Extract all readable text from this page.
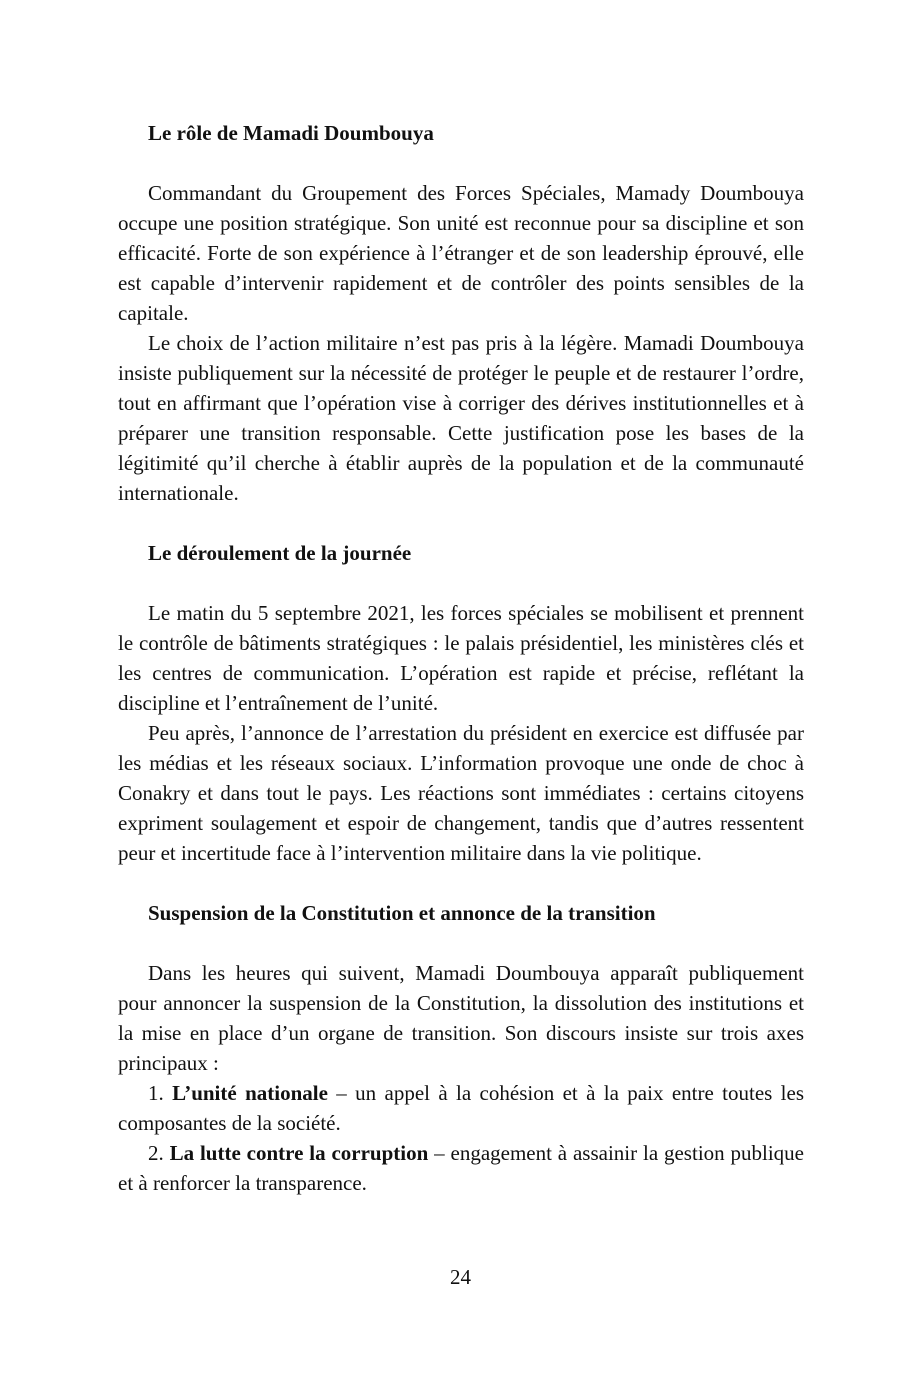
Le rôle de Mamadi Doumbouya

Commandant du Groupement des Forces Spéciales, Mamady Doumbouya occupe une position stratégique. Son unité est reconnue pour sa discipline et son efficacité. Forte de son expérience à l’étranger et de son leadership éprouvé, elle est capable d’intervenir rapidement et de contrôler des points sensibles de la capitale.

Le choix de l’action militaire n’est pas pris à la légère. Mamadi Doumbouya insiste publiquement sur la nécessité de protéger le peuple et de restaurer l’ordre, tout en affirmant que l’opération vise à corriger des dérives institutionnelles et à préparer une transition responsable. Cette justification pose les bases de la légitimité qu’il cherche à établir auprès de la population et de la communauté internationale.

Le déroulement de la journée

Le matin du 5 septembre 2021, les forces spéciales se mobilisent et prennent le contrôle de bâtiments stratégiques : le palais présidentiel, les ministères clés et les centres de communication. L’opération est rapide et précise, reflétant la discipline et l’entraînement de l’unité.

Peu après, l’annonce de l’arrestation du président en exercice est diffusée par les médias et les réseaux sociaux. L’information provoque une onde de choc à Conakry et dans tout le pays. Les réactions sont immédiates : certains citoyens expriment soulagement et espoir de changement, tandis que d’autres ressentent peur et incertitude face à l’intervention militaire dans la vie politique.

Suspension de la Constitution et annonce de la transition

Dans les heures qui suivent, Mamadi Doumbouya apparaît publiquement pour annoncer la suspension de la Constitution, la dissolution des institutions et la mise en place d’un organe de transition. Son discours insiste sur trois axes principaux :

1. L’unité nationale – un appel à la cohésion et à la paix entre toutes les composantes de la société.

2. La lutte contre la corruption – engagement à assainir la gestion publique et à renforcer la transparence.

24
